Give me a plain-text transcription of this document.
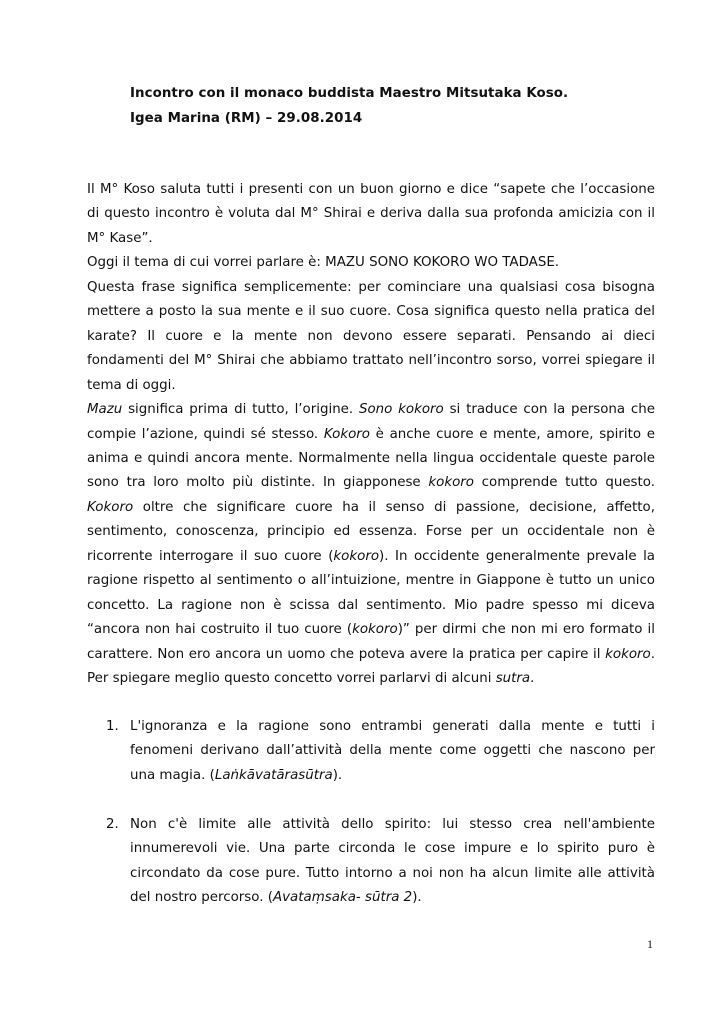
Incontro con il monaco buddista Maestro Mitsutaka Koso.
Igea Marina (RM) – 29.08.2014

Il M° Koso saluta tutti i presenti con un buon giorno e dice “sapete che l’occasione
di questo incontro è voluta dal M° Shirai e deriva dalla sua profonda amicizia con il
M° Kase”.

Oggi il tema di cui vorrei parlare è: MAZU SONO KOKORO WO TADASE.

Questa frase significa semplicemente: per cominciare una qualsiasi cosa bisogna
mettere a posto la sua mente e il suo cuore. Cosa significa questo nella pratica del
karate? Il cuore e la mente non devono essere separati. Pensando ai dieci
fondamenti del M° Shirai che abbiamo trattato nell’incontro sorso, vorrei spiegare il
tema di oggi.

Mazu significa prima di tutto, l’origine. Sono kokoro si traduce con la persona che
compie l’azione, quindi sé stesso. Kokoro è anche cuore e mente, amore, spirito e
anima e quindi ancora mente. Normalmente nella lingua occidentale queste parole
sono tra loro molto più distinte. In giapponese kokoro comprende tutto questo.
Kokoro oltre che significare cuore ha il senso di passione, decisione, affetto,
sentimento, conoscenza, principio ed essenza. Forse per un occidentale non è
ricorrente interrogare il suo cuore (kokoro). In occidente generalmente prevale la
ragione rispetto al sentimento o all’intuizione, mentre in Giappone è tutto un unico
concetto. La ragione non è scissa dal sentimento. Mio padre spesso mi diceva
“ancora non hai costruito il tuo cuore (kokoro)” per dirmi che non mi ero formato il
carattere. Non ero ancora un uomo che poteva avere la pratica per capire il kokoro.
Per spiegare meglio questo concetto vorrei parlarvi di alcuni sutra.

1. L'ignoranza e la ragione sono entrambi generati dalla mente e tutti i
fenomeni derivano dall’attività della mente come oggetti che nascono per
una magia. (Laṅkāvatārasūtra).
2. Non c'è limite alle attività dello spirito: lui stesso crea nell'ambiente
innumerevoli vie. Una parte circonda le cose impure e lo spirito puro è
circondato da cose pure. Tutto intorno a noi non ha alcun limite alle attività
del nostro percorso. (Avataṃsaka- sūtra 2).
1
